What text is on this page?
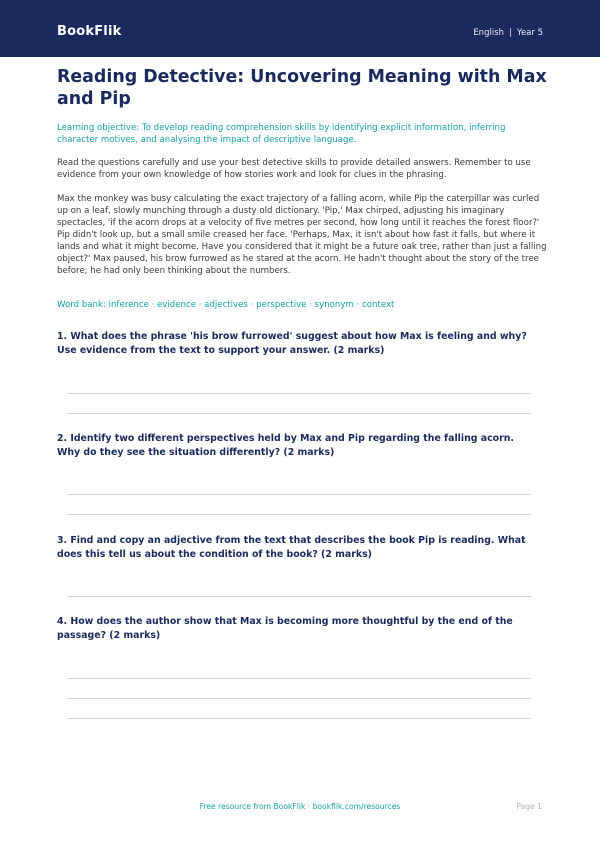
BookFlik	English | Year 5
Reading Detective: Uncovering Meaning with Max and Pip

Learning objective: To develop reading comprehension skills by identifying explicit information, inferring character motives, and analysing the impact of descriptive language.

Read the questions carefully and use your best detective skills to provide detailed answers. Remember to use evidence from your own knowledge of how stories work and look for clues in the phrasing.

Max the monkey was busy calculating the exact trajectory of a falling acorn, while Pip the caterpillar was curled up on a leaf, slowly munching through a dusty old dictionary. 'Pip,' Max chirped, adjusting his imaginary spectacles, 'if the acorn drops at a velocity of five metres per second, how long until it reaches the forest floor?' Pip didn't look up, but a small smile creased her face. 'Perhaps, Max, it isn't about how fast it falls, but where it lands and what it might become. Have you considered that it might be a future oak tree, rather than just a falling object?' Max paused, his brow furrowed as he stared at the acorn. He hadn't thought about the story of the tree before; he had only been thinking about the numbers.

Word bank: inference · evidence · adjectives · perspective · synonym · context

1. What does the phrase 'his brow furrowed' suggest about how Max is feeling and why? Use evidence from the text to support your answer. (2 marks)
2. Identify two different perspectives held by Max and Pip regarding the falling acorn. Why do they see the situation differently? (2 marks)
3. Find and copy an adjective from the text that describes the book Pip is reading. What does this tell us about the condition of the book? (2 marks)
4. How does the author show that Max is becoming more thoughtful by the end of the passage? (2 marks)
Free resource from BookFlik · bookflik.com/resources	Page 1
